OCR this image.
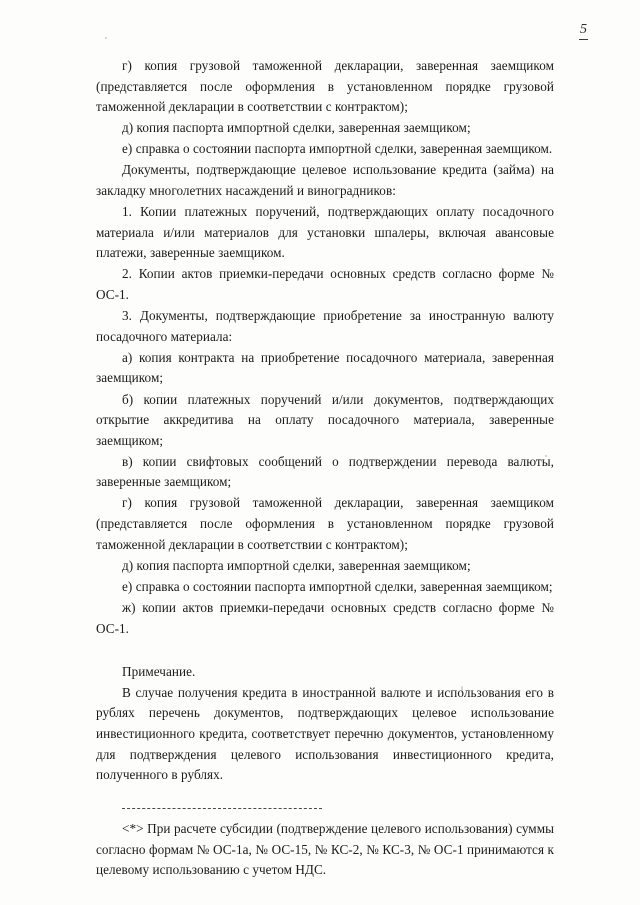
5

г) копия грузовой таможенной декларации, заверенная заемщиком (представляется после оформления в установленном порядке грузовой таможенной декларации в соответствии с контрактом);

д) копия паспорта импортной сделки, заверенная заемщиком;

е) справка о состоянии паспорта импортной сделки, заверенная заемщиком.

Документы, подтверждающие целевое использование кредита (займа) на закладку многолетних насаждений и виноградников:

1. Копии платежных поручений, подтверждающих оплату посадочного материала и/или материалов для установки шпалеры, включая авансовые платежи, заверенные заемщиком.

2. Копии актов приемки-передачи основных средств согласно форме № ОС-1.

3. Документы, подтверждающие приобретение за иностранную валюту посадочного материала:

а) копия контракта на приобретение посадочного материала, заверенная заемщиком;

б) копии платежных поручений и/или документов, подтверждающих открытие аккредитива на оплату посадочного материала, заверенные заемщиком;

в) копии свифтовых сообщений о подтверждении перевода валюты, заверенные заемщиком;

г) копия грузовой таможенной декларации, заверенная заемщиком (представляется после оформления в установленном порядке грузовой таможенной декларации в соответствии с контрактом);

д) копия паспорта импортной сделки, заверенная заемщиком;

е) справка о состоянии паспорта импортной сделки, заверенная заемщиком;

ж) копии актов приемки-передачи основных средств согласно форме № ОС-1.

Примечание.

В случае получения кредита в иностранной валюте и использования его в рублях перечень документов, подтверждающих целевое использование инвестиционного кредита, соответствует перечню документов, установленному для подтверждения целевого использования инвестиционного кредита, полученного в рублях.

<*> При расчете субсидии (подтверждение целевого использования) суммы согласно формам № ОС-1а, № ОС-15, № КС-2, № КС-3, № ОС-1 принимаются к целевому использованию с учетом НДС.
